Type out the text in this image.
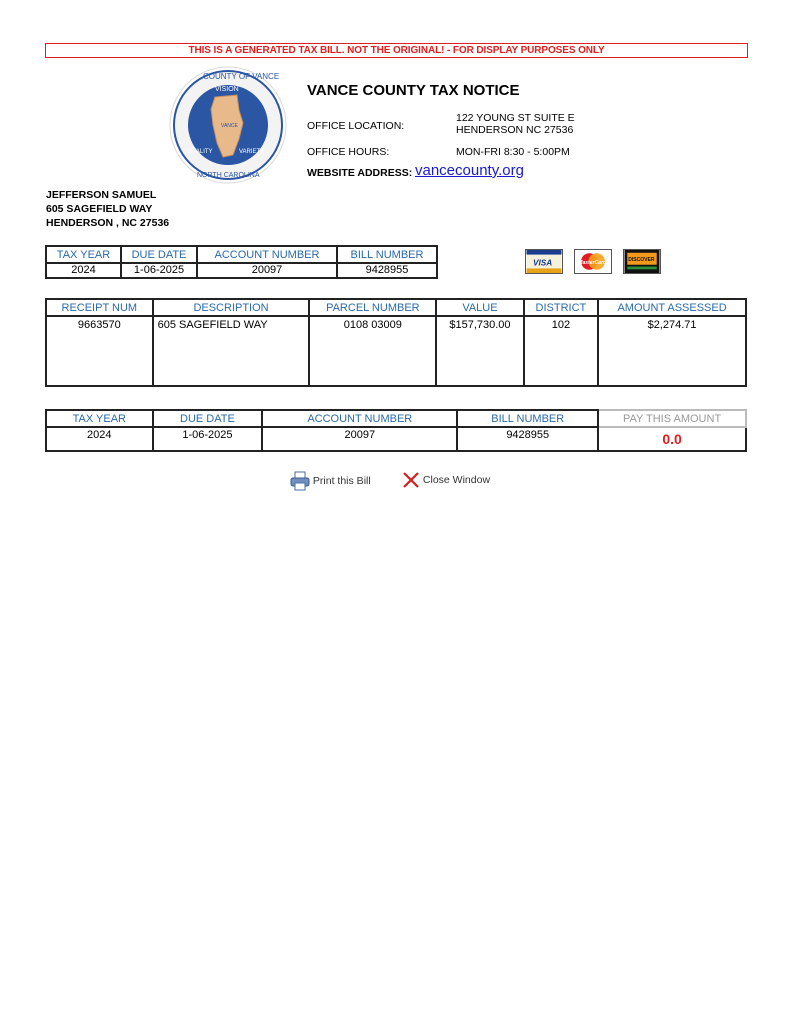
THIS IS A GENERATED TAX BILL. NOT THE ORIGINAL! - FOR DISPLAY PURPOSES ONLY
18	81
VANCE
VISION
COUNTY OF VANCE
VITALITY	VARIETY
NORTH CAROLINA
VANCE COUNTY TAX NOTICE
OFFICE LOCATION:
122 YOUNG ST SUITE E
HENDERSON NC 27536
OFFICE HOURS:	MON-FRI 8:30 - 5:00PM
WEBSITE ADDRESS: vancecounty.org
JEFFERSON SAMUEL
605 SAGEFIELD WAY
HENDERSON , NC 27536
TAX YEAR	DUE DATE	ACCOUNT NUMBER	BILL NUMBER
2024	1-06-2025	20097	9428955
VISA	MasterCard	DISCOVER
RECEIPT NUM	DESCRIPTION	PARCEL NUMBER	VALUE	DISTRICT	AMOUNT ASSESSED
9663570	605 SAGEFIELD WAY	0108 03009	$157,730.00	102	$2,274.71
TAX YEAR	DUE DATE	ACCOUNT NUMBER	BILL NUMBER	PAY THIS AMOUNT
2024	1-06-2025	20097	9428955	0.0
Print this Bill	Close Window
